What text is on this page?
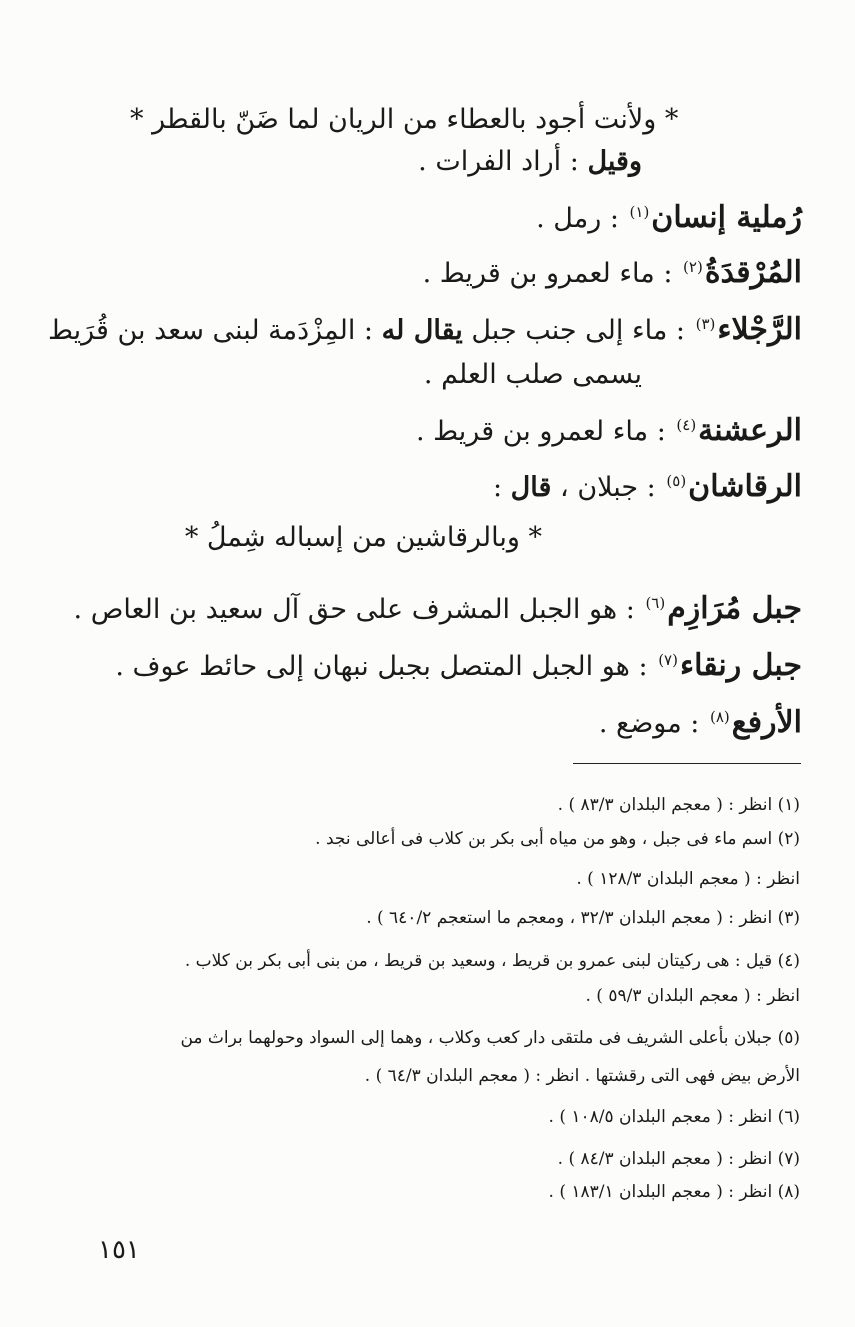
* ولأنت أجود بالعطاء من الريان لما ضَنّ بالقطر *
وقيل : أراد الفرات .
رُملية إنسان$^{(١)}$ : رمل .
المُرْقدَةُ$^{(٢)}$ : ماء لعمرو بن قريط .
الرَّجْلاء$^{(٣)}$ : ماء إلى جنب جبل يقال له : المِزْدَمة لبنى سعد بن قُرَيط
يسمى صلب العلم .
الرعشنة$^{(٤)}$ : ماء لعمرو بن قريط .
الرقاشان$^{(٥)}$ : جبلان ، قال :
* وبالرقاشين من إسباله شِملُ *
جبل مُرَازِم$^{(٦)}$ : هو الجبل المشرف على حق آل سعيد بن العاص .
جبل رنقاء$^{(٧)}$ : هو الجبل المتصل بجبل نبهان إلى حائط عوف .
الأرفع$^{(٨)}$ : موضع .
(١) انظر : ( معجم البلدان ٨٣/٣ ) .
(٢) اسم ماء فى جبل ، وهو من مياه أبى بكر بن كلاب فى أعالى نجد .
انظر : ( معجم البلدان ١٢٨/٣ ) .
(٣) انظر : ( معجم البلدان ٣٢/٣ ، ومعجم ما استعجم ٦٤٠/٢ ) .
(٤) قيل : هى ركيتان لبنى عمرو بن قريط ، وسعيد بن قريط ، من بنى أبى بكر بن كلاب .
انظر : ( معجم البلدان ٥٩/٣ ) .
(٥) جبلان بأعلى الشريف فى ملتقى دار كعب وكلاب ، وهما إلى السواد وحولهما براث من
الأرض بيض فهى التى رقشتها . انظر : ( معجم البلدان ٦٤/٣ ) .
(٦) انظر : ( معجم البلدان ١٠٨/٥ ) .
(٧) انظر : ( معجم البلدان ٨٤/٣ ) .
(٨) انظر : ( معجم البلدان ١٨٣/١ ) .
١٥١
